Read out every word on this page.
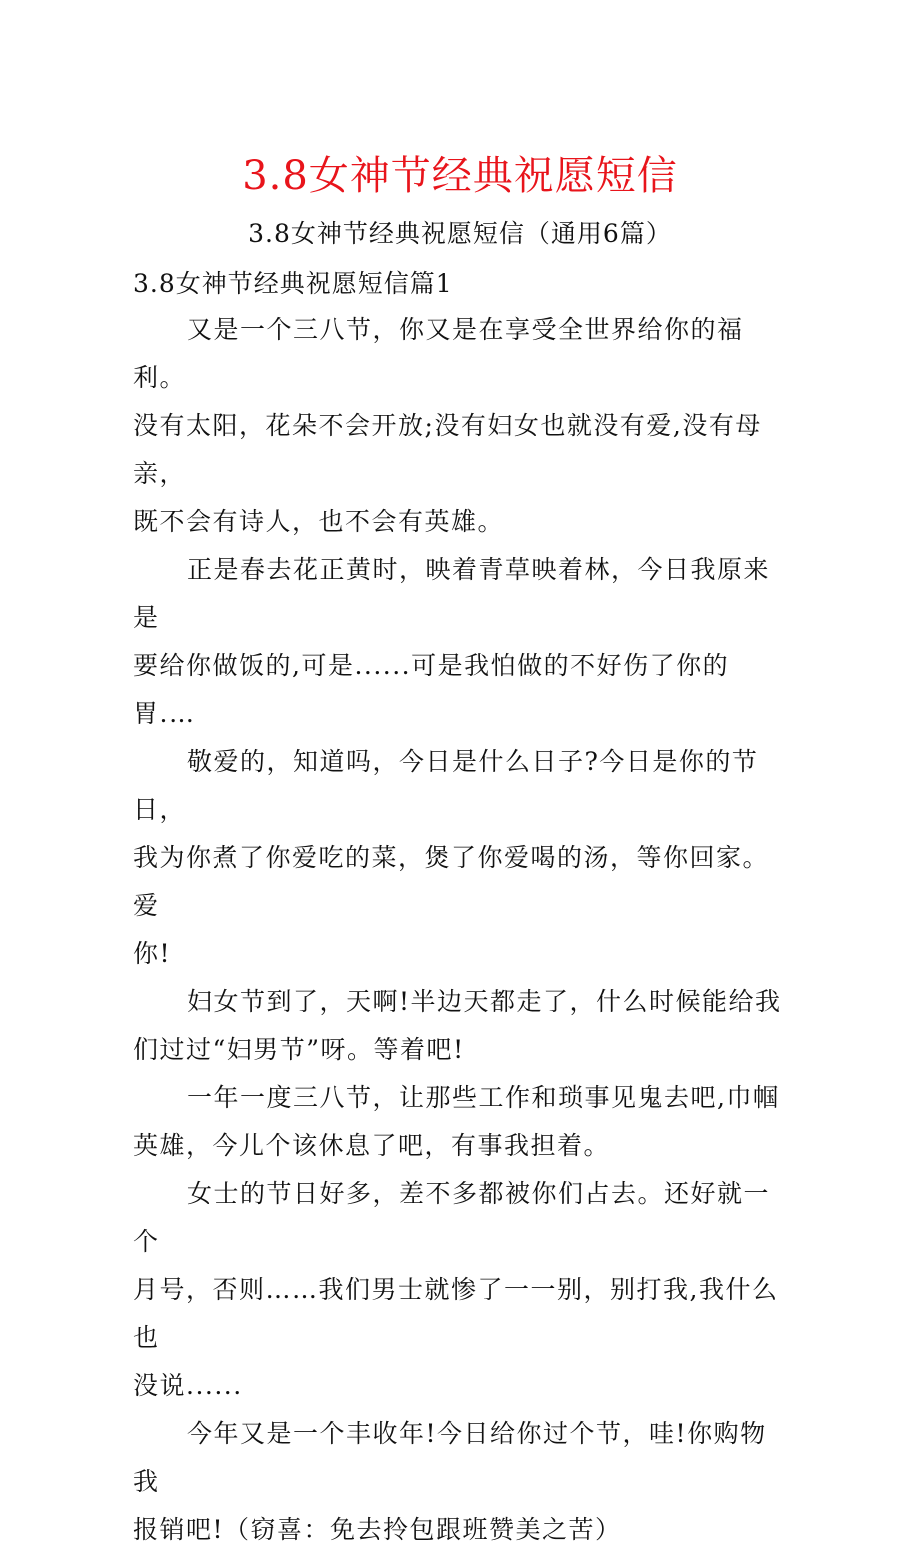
3.8女神节经典祝愿短信
3.8女神节经典祝愿短信（通用6篇）
3.8女神节经典祝愿短信篇1

又是一个三八节，你又是在享受全世界给你的福利。
没有太阳，花朵不会开放;没有妇女也就没有爱,没有母亲，
既不会有诗人，也不会有英雄。

正是春去花正黄时，映着青草映着林，今日我原来是
要给你做饭的,可是......可是我怕做的不好伤了你的
胃.…

敬爱的，知道吗，今日是什么日子?今日是你的节日，
我为你煮了你爱吃的菜，煲了你爱喝的汤，等你回家。爱
你!

妇女节到了，天啊!半边天都走了，什么时候能给我
们过过“妇男节”呀。等着吧!

一年一度三八节，让那些工作和琐事见鬼去吧,巾帼
英雄，今儿个该休息了吧，有事我担着。

女士的节日好多，差不多都被你们占去。还好就一个
月号，否则……我们男士就惨了一一别，别打我,我什么也
没说......

今年又是一个丰收年!今日给你过个节，哇!你购物我
报销吧!（窃喜：免去拎包跟班赞美之苦）
